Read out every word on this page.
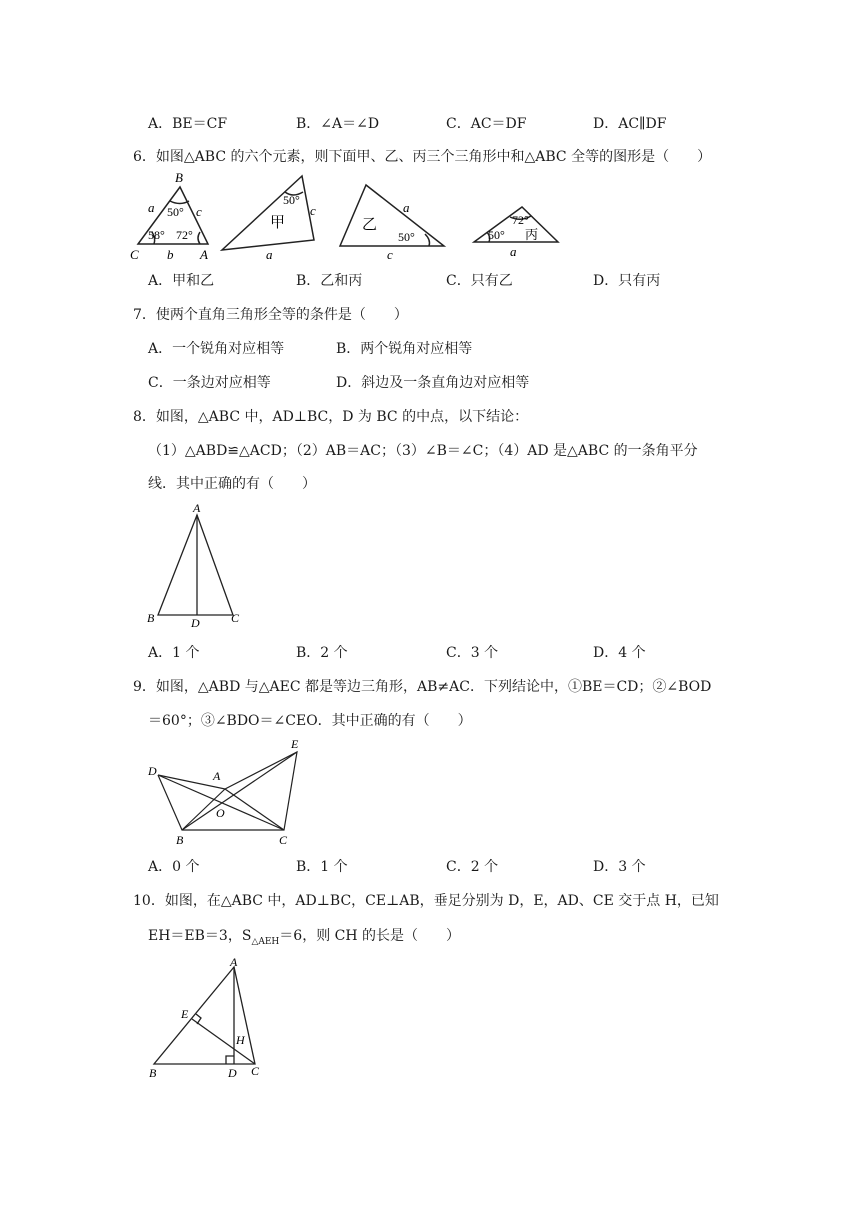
A．BE＝CF	B．∠A＝∠D	C．AC＝DF	D．AC∥DF
6．如图△ABC 的六个元素，则下面甲、乙、丙三个三角形中和△ABC 全等的图形是（　　）
B
C	A
a
b
c
50°
58° 72°
50°
甲
c
a
乙
a
50°
c
72°
50° 丙
a
A．甲和乙	B．乙和丙	C．只有乙	D．只有丙
7．使两个直角三角形全等的条件是（　　）
A．一个锐角对应相等	B．两个锐角对应相等
C．一条边对应相等	D．斜边及一条直角边对应相等
8．如图，△ABC 中，AD⊥BC，D 为 BC 的中点，以下结论：
（1）△ABD≌△ACD；（2）AB＝AC；（3）∠B＝∠C；（4）AD 是△ABC 的一条角平分
线．其中正确的有（　　）
A
B	D	C
A．1 个	B．2 个	C．3 个	D．4 个
9．如图，△ABD 与△AEC 都是等边三角形，AB≠AC．下列结论中，①BE＝CD；②∠BOD
＝60°；③∠BDO＝∠CEO．其中正确的有（　　）
D	A
E
O
B	C
A．0 个	B．1 个	C．2 个	D．3 个
10．如图，在△ABC 中，AD⊥BC，CE⊥AB，垂足分别为 D，E，AD、CE 交于点 H，已知
EH＝EB＝3，$S_{\triangle AEH}=6$，则 CH 的长是（　　）
A
E
H
B	D C
